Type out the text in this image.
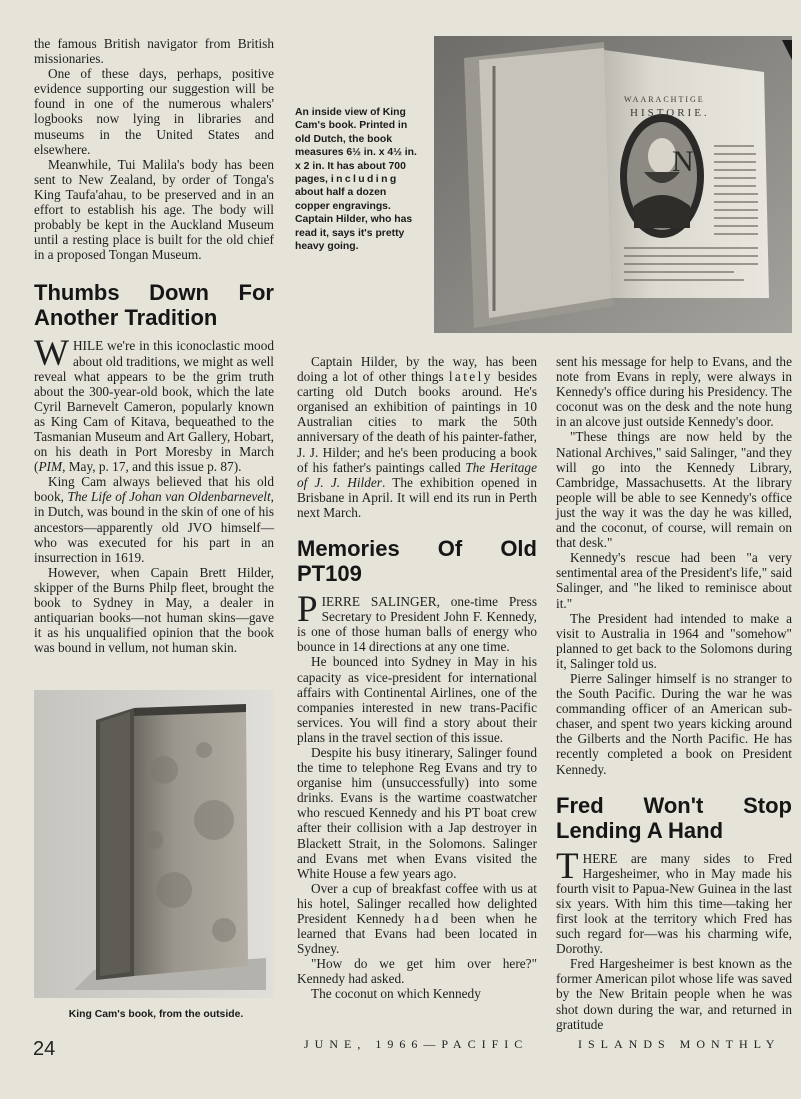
the famous British navigator from British missionaries.

One of these days, perhaps, positive evidence supporting our suggestion will be found in one of the numerous whalers' logbooks now lying in libraries and museums in the United States and elsewhere.

Meanwhile, Tui Malila's body has been sent to New Zealand, by order of Tonga's King Taufa'ahau, to be preserved and in an effort to establish his age. The body will probably be kept in the Auckland Museum until a resting place is built for the old chief in a proposed Tongan Museum.

Thumbs Down For Another Tradition

WHILE we're in this iconoclastic mood about old traditions, we might as well reveal what appears to be the grim truth about the 300-year-old book, which the late Cyril Barnevelt Cameron, popularly known as King Cam of Kitava, bequeathed to the Tasmanian Museum and Art Gallery, Hobart, on his death in Port Moresby in March (PIM, May, p. 17, and this issue p. 87).

King Cam always believed that his old book, The Life of Johan van Oldenbarnevelt, in Dutch, was bound in the skin of one of his ancestors—apparently old JVO himself—who was executed for his part in an insurrection in 1619.

However, when Capain Brett Hilder, skipper of the Burns Philp fleet, brought the book to Sydney in May, a dealer in antiquarian books—not human skins—gave it as his unqualified opinion that the book was bound in vellum, not human skin.

WAARACHTIGE
HISTORIE.
N
An inside view of King Cam's book. Printed in old Dutch, the book measures 6½ in. x 4½ in. x 2 in. It has about 700 pages, including about half a dozen copper engravings. Captain Hilder, who has read it, says it's pretty heavy going.
King Cam's book, from the outside.

Captain Hilder, by the way, has been doing a lot of other things lately besides carting old Dutch books around. He's organised an exhibition of paintings in 10 Australian cities to mark the 50th anniversary of the death of his painter-father, J. J. Hilder; and he's been producing a book of his father's paintings called The Heritage of J. J. Hilder. The exhibition opened in Brisbane in April. It will end its run in Perth next March.

Memories Of Old PT109

PIERRE SALINGER, one-time Press Secretary to President John F. Kennedy, is one of those human balls of energy who bounce in 14 directions at any one time.

He bounced into Sydney in May in his capacity as vice-president for international affairs with Continental Airlines, one of the companies interested in new trans-Pacific services. You will find a story about their plans in the travel section of this issue.

Despite his busy itinerary, Salinger found the time to telephone Reg Evans and try to organise him (unsuccessfully) into some drinks. Evans is the wartime coastwatcher who rescued Kennedy and his PT boat crew after their collision with a Jap destroyer in Blackett Strait, in the Solomons. Salinger and Evans met when Evans visited the White House a few years ago.

Over a cup of breakfast coffee with us at his hotel, Salinger recalled how delighted President Kennedy had been when he learned that Evans had been located in Sydney.

"How do we get him over here?" Kennedy had asked.

The coconut on which Kennedy

sent his message for help to Evans, and the note from Evans in reply, were always in Kennedy's office during his Presidency. The coconut was on the desk and the note hung in an alcove just outside Kennedy's door.

"These things are now held by the National Archives," said Salinger, "and they will go into the Kennedy Library, Cambridge, Massachusetts. At the library people will be able to see Kennedy's office just the way it was the day he was killed, and the coconut, of course, will remain on that desk."

Kennedy's rescue had been "a very sentimental area of the President's life," said Salinger, and "he liked to reminisce about it."

The President had intended to make a visit to Australia in 1964 and "somehow" planned to get back to the Solomons during it, Salinger told us.

Pierre Salinger himself is no stranger to the South Pacific. During the war he was commanding officer of an American sub-chaser, and spent two years kicking around the Gilberts and the North Pacific. He has recently completed a book on President Kennedy.

Fred Won't Stop Lending A Hand

THERE are many sides to Fred Hargesheimer, who in May made his fourth visit to Papua-New Guinea in the last six years. With him this time—taking her first look at the territory which Fred has such regard for—was his charming wife, Dorothy.

Fred Hargesheimer is best known as the former American pilot whose life was saved by the New Britain people when he was shot down during the war, and returned in gratitude

24	JUNE, 1966—PACIFIC	ISLANDS MONTHLY
